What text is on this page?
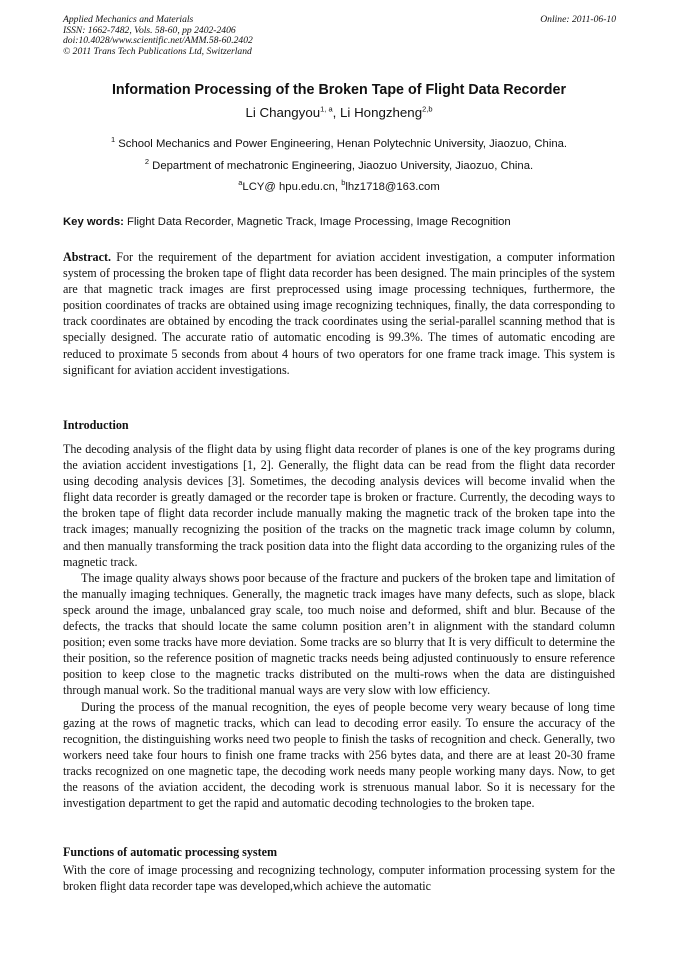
Applied Mechanics and Materials
ISSN: 1662-7482, Vols. 58-60, pp 2402-2406
doi:10.4028/www.scientific.net/AMM.58-60.2402
© 2011 Trans Tech Publications Ltd, Switzerland
Online: 2011-06-10
Information Processing of the Broken Tape of Flight Data Recorder
Li Changyou$^{1, a}$, Li Hongzheng$^{2,b}$
$^1$ School Mechanics and Power Engineering, Henan Polytechnic University, Jiaozuo, China.
$^2$ Department of mechatronic Engineering, Jiaozuo University, Jiaozuo, China.
$^a$LCY@ hpu.edu.cn, $^b$lhz1718@163.com
Key words: Flight Data Recorder, Magnetic Track, Image Processing, Image Recognition

Abstract. For the requirement of the department for aviation accident investigation, a computer information system of processing the broken tape of flight data recorder has been designed. The main principles of the system are that magnetic track images are first preprocessed using image processing techniques, furthermore, the position coordinates of tracks are obtained using image recognizing techniques, finally, the data corresponding to track coordinates are obtained by encoding the track coordinates using the serial-parallel scanning method that is specially designed. The accurate ratio of automatic encoding is 99.3%. The times of automatic encoding are reduced to proximate 5 seconds from about 4 hours of two operators for one frame track image. This system is significant for aviation accident investigations.

Introduction

The decoding analysis of the flight data by using flight data recorder of planes is one of the key programs during the aviation accident investigations [1, 2]. Generally, the flight data can be read from the flight data recorder using decoding analysis devices [3]. Sometimes, the decoding analysis devices will become invalid when the flight data recorder is greatly damaged or the recorder tape is broken or fracture. Currently, the decoding ways to the broken tape of flight data recorder include manually making the magnetic track of the broken tape into the track images; manually recognizing the position of the tracks on the magnetic track image column by column, and then manually transforming the track position data into the flight data according to the organizing rules of the magnetic track.

The image quality always shows poor because of the fracture and puckers of the broken tape and limitation of the manually imaging techniques. Generally, the magnetic track images have many defects, such as slope, black speck around the image, unbalanced gray scale, too much noise and deformed, shift and blur. Because of the defects, the tracks that should locate the same column position aren’t in alignment with the standard column position; even some tracks have more deviation. Some tracks are so blurry that It is very difficult to determine the their position, so the reference position of magnetic tracks needs being adjusted continuously to ensure reference position to keep close to the magnetic tracks distributed on the multi-rows when the data are distinguished through manual work. So the traditional manual ways are very slow with low efficiency.

During the process of the manual recognition, the eyes of people become very weary because of long time gazing at the rows of magnetic tracks, which can lead to decoding error easily. To ensure the accuracy of the recognition, the distinguishing works need two people to finish the tasks of recognition and check. Generally, two workers need take four hours to finish one frame tracks with 256 bytes data, and there are at least 20-30 frame tracks recognized on one magnetic tape, the decoding work needs many people working many days. Now, to get the reasons of the aviation accident, the decoding work is strenuous manual labor. So it is necessary for the investigation department to get the rapid and automatic decoding technologies to the broken tape.

Functions of automatic processing system

With the core of image processing and recognizing technology, computer information processing system for the broken flight data recorder tape was developed,which achieve the automatic
